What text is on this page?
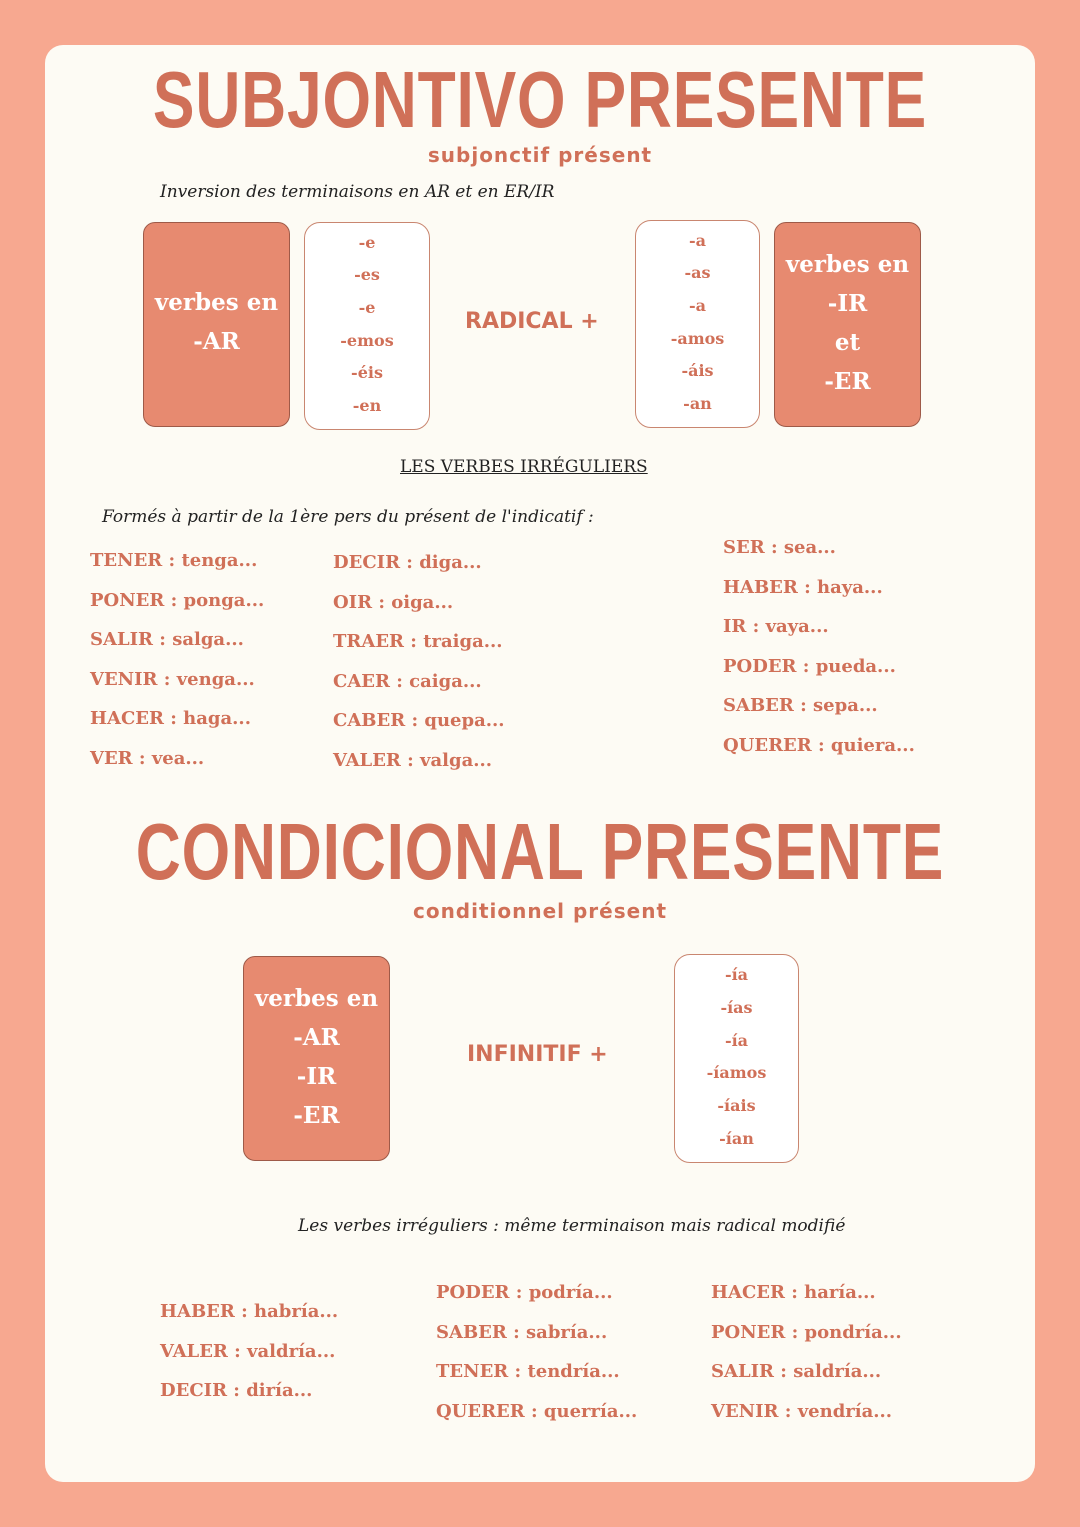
SUBJONTIVO PRESENTE
subjonctif présent
Inversion des terminaisons en AR et en ER/IR
verbes en
-AR
-e
-es
-e
-emos
-éis
-en
RADICAL +
-a
-as
-a
-amos
-áis
-an
verbes en
-IR
et
-ER
LES VERBES IRRÉGULIERS
Formés à partir de la 1ère pers du présent de l'indicatif :
TENER : tenga...
PONER : ponga...
SALIR : salga...
VENIR : venga...
HACER : haga...
VER : vea...
DECIR : diga...
OIR : oiga...
TRAER : traiga...
CAER : caiga...
CABER : quepa...
VALER : valga...
SER : sea...
HABER : haya...
IR : vaya...
PODER : pueda...
SABER : sepa...
QUERER : quiera...
CONDICIONAL PRESENTE
conditionnel présent
verbes en
-AR
-IR
-ER
INFINITIF +
-ía
-ías
-ía
-íamos
-íais
-ían
Les verbes irréguliers : même terminaison mais radical modifié
HABER : habría...
VALER : valdría...
DECIR : diría...
PODER : podría...
SABER : sabría...
TENER : tendría...
QUERER : querría...
HACER : haría...
PONER : pondría...
SALIR : saldría...
VENIR : vendría...
